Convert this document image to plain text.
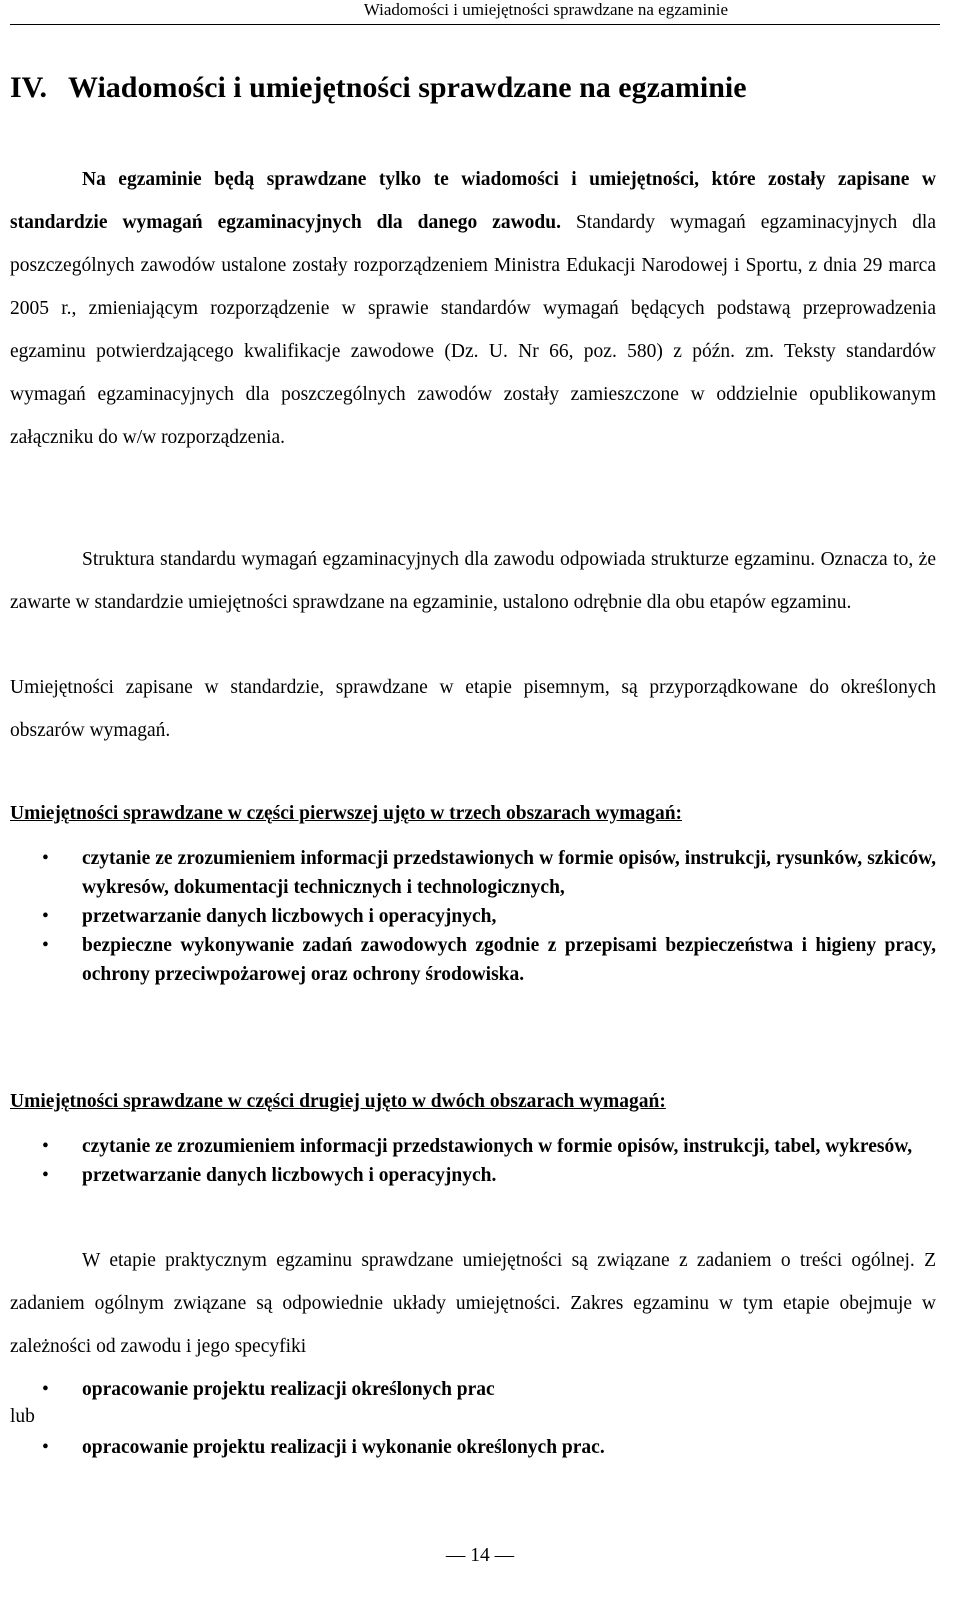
Wiadomości i umiejętności sprawdzane na egzaminie
IV. Wiadomości i umiejętności sprawdzane na egzaminie

Na egzaminie będą sprawdzane tylko te wiadomości i umiejętności, które zostały zapisane w standardzie wymagań egzaminacyjnych dla danego zawodu. Standardy wymagań egzaminacyjnych dla poszczególnych zawodów ustalone zostały rozporządzeniem Ministra Edukacji Narodowej i Sportu, z dnia 29 marca 2005 r., zmieniającym rozporządzenie w sprawie standardów wymagań będących podstawą przeprowadzenia egzaminu potwierdzającego kwalifikacje zawodowe (Dz. U. Nr 66, poz. 580) z późn. zm. Teksty standardów wymagań egzaminacyjnych dla poszczególnych zawodów zostały zamieszczone w oddzielnie opublikowanym załączniku do w/w rozporządzenia.

Struktura standardu wymagań egzaminacyjnych dla zawodu odpowiada strukturze egzaminu. Oznacza to, że zawarte w standardzie umiejętności sprawdzane na egzaminie, ustalono odrębnie dla obu etapów egzaminu.

Umiejętności zapisane w standardzie, sprawdzane w etapie pisemnym, są przyporządkowane do określonych obszarów wymagań.

Umiejętności sprawdzane w części pierwszej ujęto w trzech obszarach wymagań:
• czytanie ze zrozumieniem informacji przedstawionych w formie opisów, instrukcji, rysunków, szkiców, wykresów, dokumentacji technicznych i technologicznych,
• przetwarzanie danych liczbowych i operacyjnych,
• bezpieczne wykonywanie zadań zawodowych zgodnie z przepisami bezpieczeństwa i higieny pracy, ochrony przeciwpożarowej oraz ochrony środowiska.
Umiejętności sprawdzane w części drugiej ujęto w dwóch obszarach wymagań:
• czytanie ze zrozumieniem informacji przedstawionych w formie opisów, instrukcji, tabel, wykresów,
• przetwarzanie danych liczbowych i operacyjnych.

W etapie praktycznym egzaminu sprawdzane umiejętności są związane z zadaniem o treści ogólnej. Z zadaniem ogólnym związane są odpowiednie układy umiejętności. Zakres egzaminu w tym etapie obejmuje w zależności od zawodu i jego specyfiki

• opracowanie projektu realizacji określonych prac
lub
• opracowanie projektu realizacji i wykonanie określonych prac.
— 14 —
